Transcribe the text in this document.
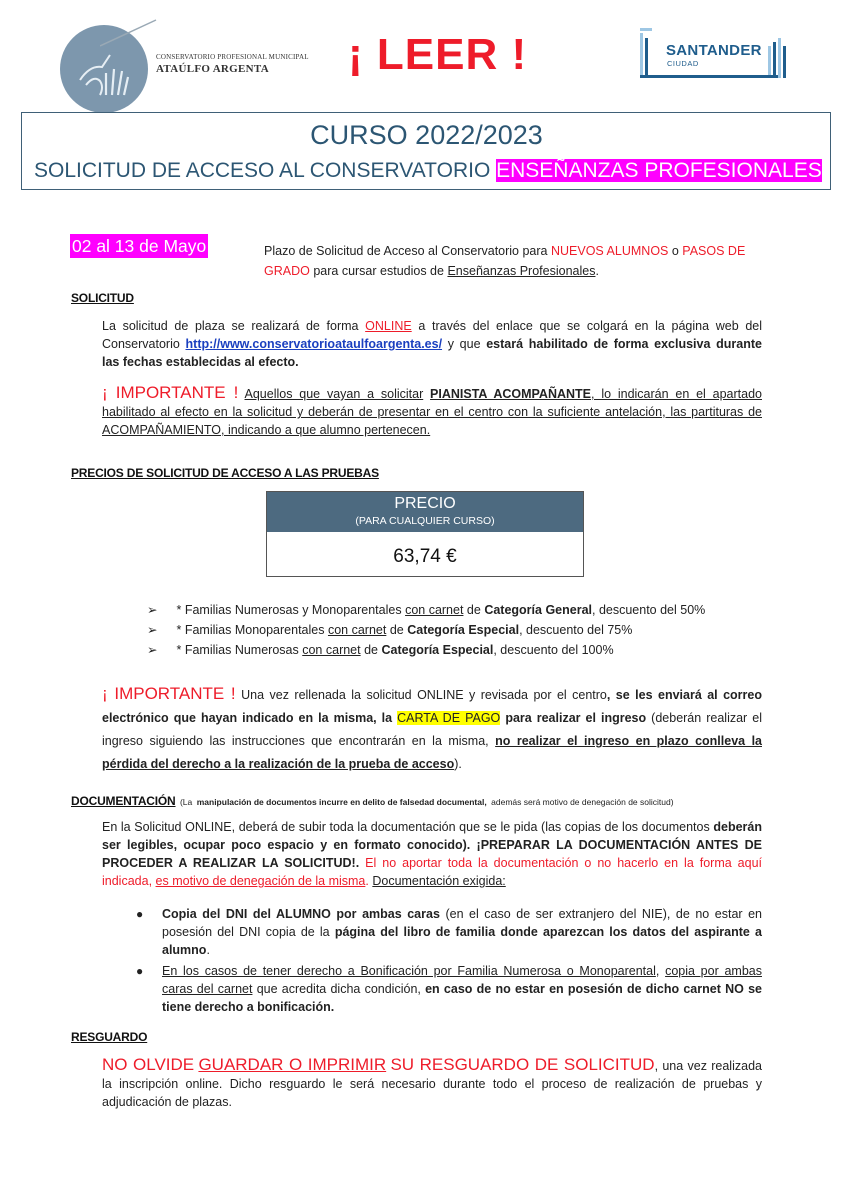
CONSERVATORIO PROFESIONAL MUNICIPAL
ATAÚLFO ARGENTA ¡ LEER !	SANTANDER
CIUDAD
CURSO 2022/2023
SOLICITUD DE ACCESO AL CONSERVATORIO ENSEÑANZAS PROFESIONALES
02 al 13 de Mayo	Plazo de Solicitud de Acceso al Conservatorio para NUEVOS ALUMNOS o PASOS DE GRADO para cursar estudios de Enseñanzas Profesionales.
SOLICITUD
La solicitud de plaza se realizará de forma ONLINE a través del enlace que se colgará en la página web del Conservatorio http://www.conservatorioataulfoargenta.es/ y que estará habilitado de forma exclusiva durante las fechas establecidas al efecto.
¡ IMPORTANTE ! Aquellos que vayan a solicitar PIANISTA ACOMPAÑANTE, lo indicarán en el apartado habilitado al efecto en la solicitud y deberán de presentar en el centro con la suficiente antelación, las partituras de ACOMPAÑAMIENTO, indicando a que alumno pertenecen.
PRECIOS DE SOLICITUD DE ACCESO A LAS PRUEBAS
PRECIO
(PARA CUALQUIER CURSO)
63,74 €
➢ * Familias Numerosas y Monoparentales con carnet de Categoría General, descuento del 50%
➢ * Familias Monoparentales con carnet de Categoría Especial, descuento del 75%
➢ * Familias Numerosas con carnet de Categoría Especial, descuento del 100%
¡ IMPORTANTE ! Una vez rellenada la solicitud ONLINE y revisada por el centro, se les enviará al correo electrónico que hayan indicado en la misma, la CARTA DE PAGO para realizar el ingreso (deberán realizar el ingreso siguiendo las instrucciones que encontrarán en la misma, no realizar el ingreso en plazo conlleva la pérdida del derecho a la realización de la prueba de acceso).
DOCUMENTACIÓN (La manipulación de documentos incurre en delito de falsedad documental, además será motivo de denegación de solicitud)
En la Solicitud ONLINE, deberá de subir toda la documentación que se le pida (las copias de los documentos deberán ser legibles, ocupar poco espacio y en formato conocido). ¡PREPARAR LA DOCUMENTACIÓN ANTES DE PROCEDER A REALIZAR LA SOLICITUD!. El no aportar toda la documentación o no hacerlo en la forma aquí indicada, es motivo de denegación de la misma. Documentación exigida:
● Copia del DNI del ALUMNO por ambas caras (en el caso de ser extranjero del NIE), de no estar en posesión del DNI copia de la página del libro de familia donde aparezcan los datos del aspirante a alumno.
● En los casos de tener derecho a Bonificación por Familia Numerosa o Monoparental, copia por ambas caras del carnet que acredita dicha condición, en caso de no estar en posesión de dicho carnet NO se tiene derecho a bonificación.
RESGUARDO
NO OLVIDE GUARDAR O IMPRIMIR SU RESGUARDO DE SOLICITUD, una vez realizada la inscripción online. Dicho resguardo le será necesario durante todo el proceso de realización de pruebas y adjudicación de plazas.
